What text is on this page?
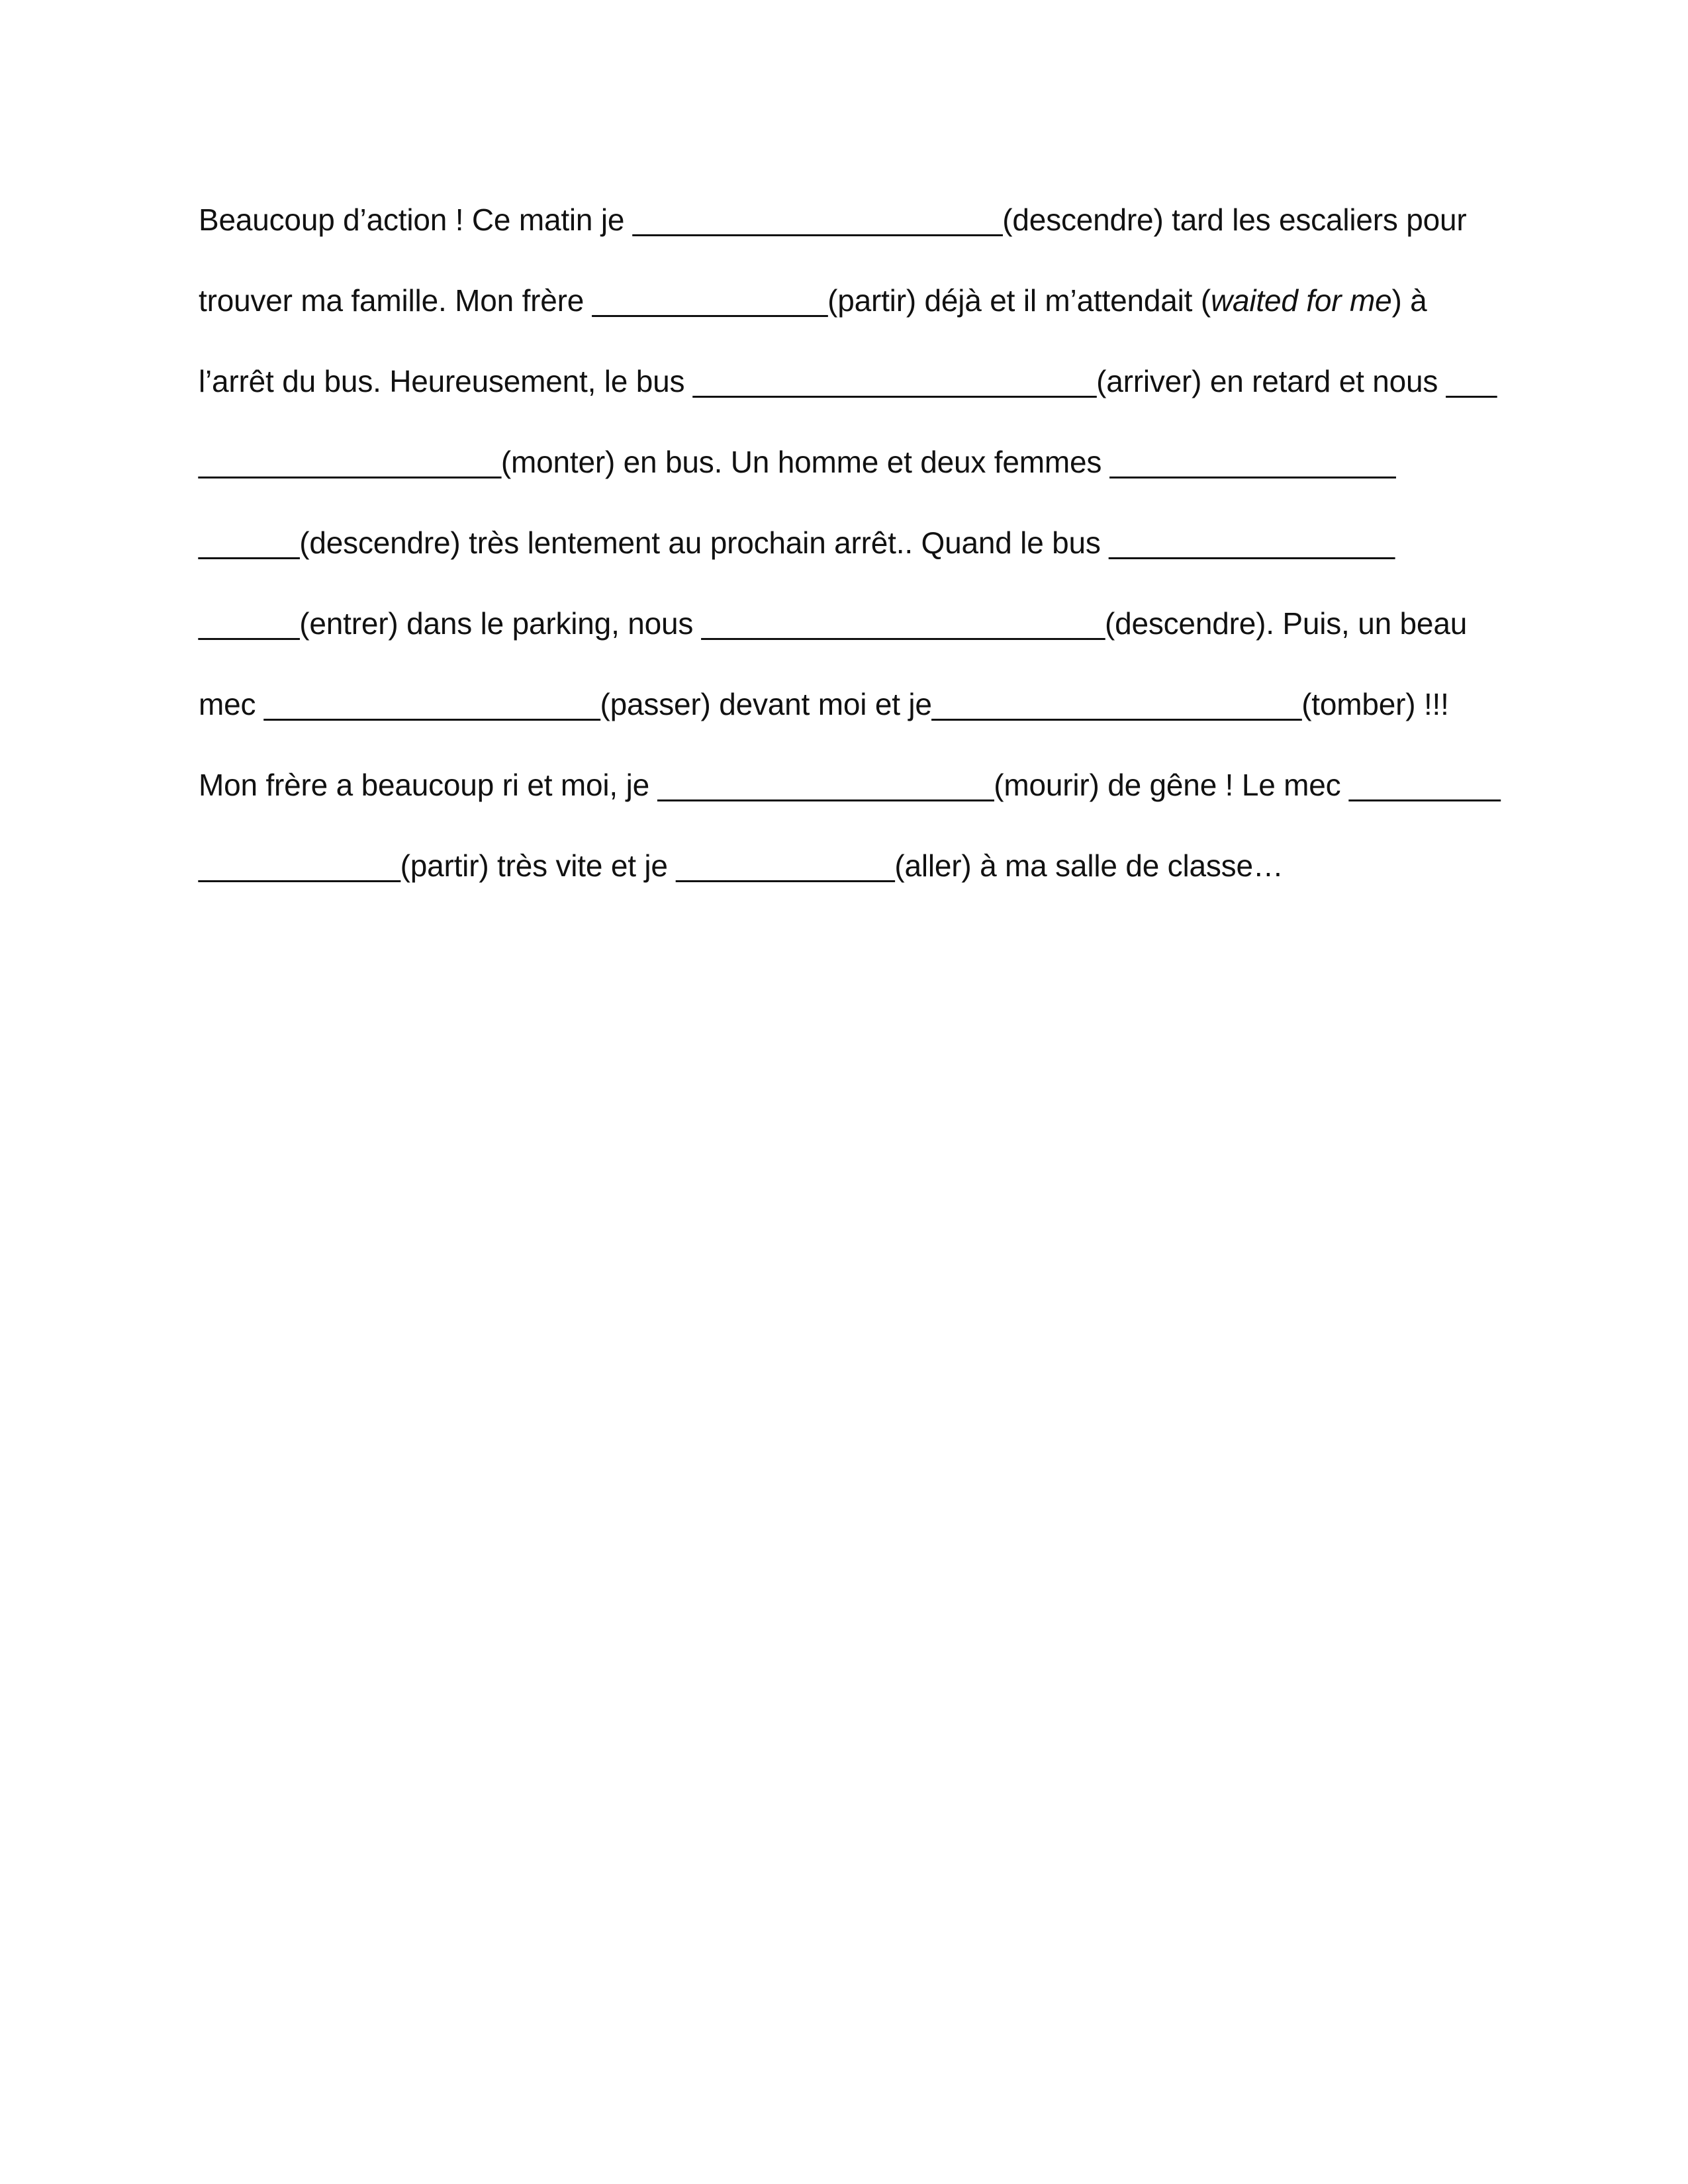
Beaucoup d’action ! Ce matin je ______________________(descendre) tard les escaliers pour
trouver ma famille. Mon frère ______________(partir) déjà et il m’attendait (waited for me) à
l’arrêt du bus. Heureusement, le bus ________________________(arriver) en retard et nous ___
__________________(monter) en bus. Un homme et deux femmes _________________
______(descendre) très lentement au prochain arrêt.. Quand le bus _________________
______(entrer) dans le parking, nous ________________________(descendre). Puis, un beau
mec ____________________(passer) devant moi et je______________________(tomber) !!!
Mon frère a beaucoup ri et moi, je ____________________(mourir) de gêne ! Le mec _________
____________(partir) très vite et je _____________(aller) à ma salle de classe…
